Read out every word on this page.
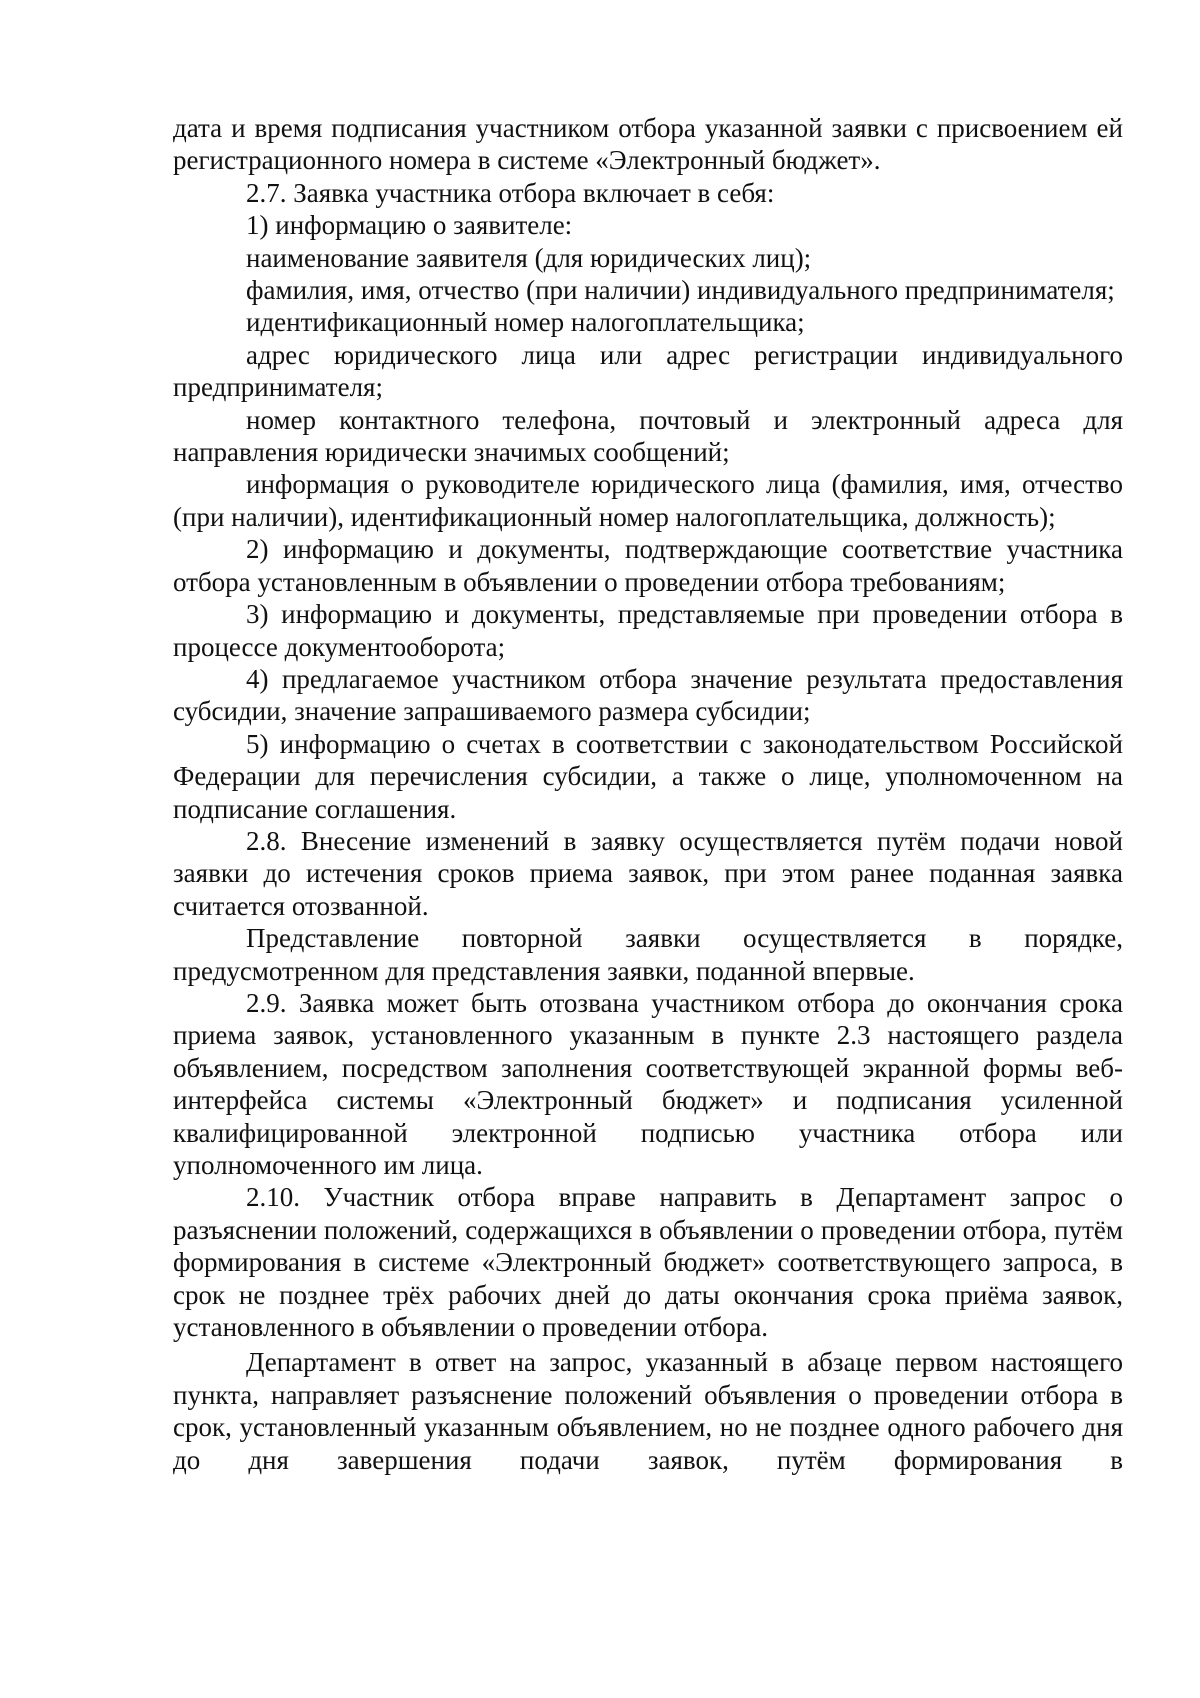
дата и время подписания участником отбора указанной заявки с присвоением ей регистрационного номера в системе «Электронный бюджет».

2.7. Заявка участника отбора включает в себя:

1) информацию о заявителе:

наименование заявителя (для юридических лиц);

фамилия, имя, отчество (при наличии) индивидуального предпринимателя;

идентификационный номер налогоплательщика;

адрес юридического лица или адрес регистрации индивидуального предпринимателя;

номер контактного телефона, почтовый и электронный адреса для направления юридически значимых сообщений;

информация о руководителе юридического лица (фамилия, имя, отчество (при наличии), идентификационный номер налогоплательщика, должность);

2) информацию и документы, подтверждающие соответствие участника отбора установленным в объявлении о проведении отбора требованиям;

3) информацию и документы, представляемые при проведении отбора в процессе документооборота;

4) предлагаемое участником отбора значение результата предоставления субсидии, значение запрашиваемого размера субсидии;

5) информацию о счетах в соответствии с законодательством Российской Федерации для перечисления субсидии, а также о лице, уполномоченном на подписание соглашения.

2.8. Внесение изменений в заявку осуществляется путём подачи новой заявки до истечения сроков приема заявок, при этом ранее поданная заявка считается отозванной.

Представление повторной заявки осуществляется в порядке, предусмотренном для представления заявки, поданной впервые.

2.9. Заявка может быть отозвана участником отбора до окончания срока приема заявок, установленного указанным в пункте 2.3 настоящего раздела объявлением, посредством заполнения соответствующей экранной формы веб-интерфейса системы «Электронный бюджет» и подписания усиленной квалифицированной электронной подписью участника отбора или уполномоченного им лица.

2.10. Участник отбора вправе направить в Департамент запрос о разъяснении положений, содержащихся в объявлении о проведении отбора, путём формирования в системе «Электронный бюджет» соответствующего запроса, в срок не позднее трёх рабочих дней до даты окончания срока приёма заявок, установленного в объявлении о проведении отбора.

Департамент в ответ на запрос, указанный в абзаце первом настоящего пункта, направляет разъяснение положений объявления о проведении отбора в срок, установленный указанным объявлением, но не позднее одного рабочего дня до дня завершения подачи заявок, путём формирования в
